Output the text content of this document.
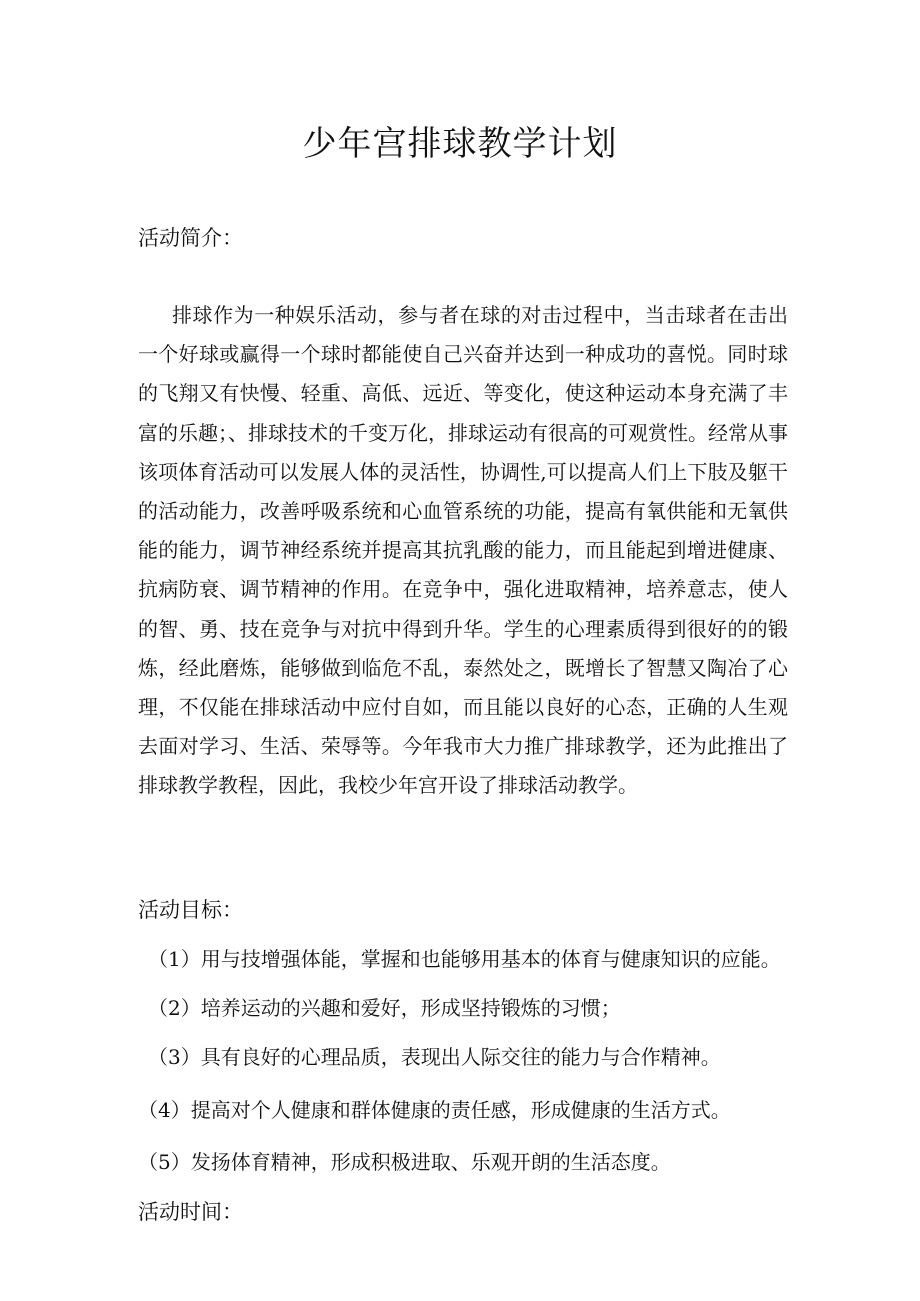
少年宫排球教学计划

活动简介：

排球作为一种娱乐活动，参与者在球的对击过程中，当击球者在击出一个好球或赢得一个球时都能使自己兴奋并达到一种成功的喜悦。同时球的飞翔又有快慢、轻重、高低、远近、等变化，使这种运动本身充满了丰富的乐趣；、排球技术的千变万化，排球运动有很高的可观赏性。经常从事该项体育活动可以发展人体的灵活性，协调性,可以提高人们上下肢及躯干的活动能力，改善呼吸系统和心血管系统的功能，提高有氧供能和无氧供能的能力，调节神经系统并提高其抗乳酸的能力，而且能起到增进健康、抗病防衰、调节精神的作用。在竞争中，强化进取精神，培养意志，使人的智、勇、技在竞争与对抗中得到升华。学生的心理素质得到很好的的锻炼，经此磨炼，能够做到临危不乱，泰然处之，既增长了智慧又陶冶了心理，不仅能在排球活动中应付自如，而且能以良好的心态，正确的人生观去面对学习、生活、荣辱等。今年我市大力推广排球教学，还为此推出了排球教学教程，因此，我校少年宫开设了排球活动教学。

活动目标：

（1）用与技增强体能，掌握和也能够用基本的体育与健康知识的应能。

（2）培养运动的兴趣和爱好，形成坚持锻炼的习惯；

（3）具有良好的心理品质，表现出人际交往的能力与合作精神。

（4）提高对个人健康和群体健康的责任感，形成健康的生活方式。

（5）发扬体育精神，形成积极进取、乐观开朗的生活态度。

活动时间：
